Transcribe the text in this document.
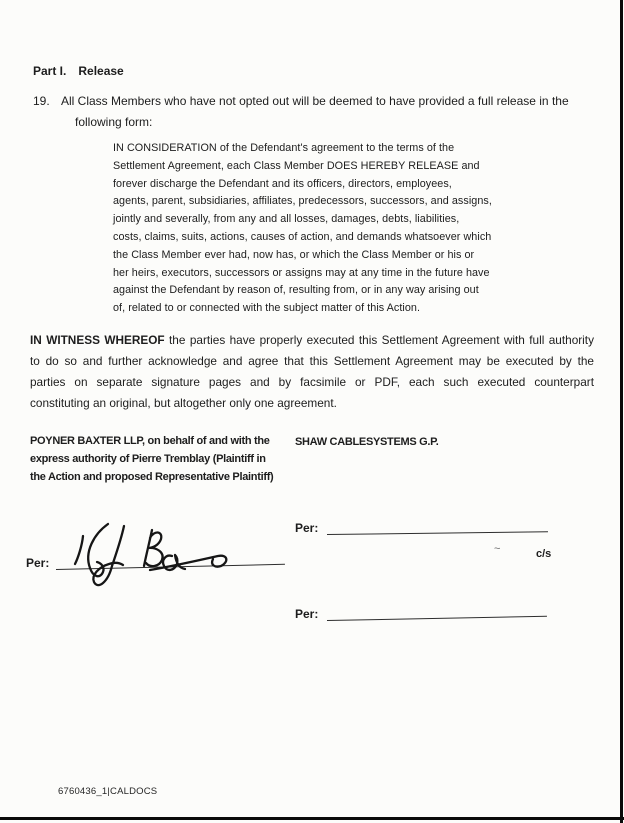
Part I. Release
19. All Class Members who have not opted out will be deemed to have provided a full release in the
following form:
IN CONSIDERATION of the Defendant's agreement to the terms of the
Settlement Agreement, each Class Member DOES HEREBY RELEASE and
forever discharge the Defendant and its officers, directors, employees,
agents, parent, subsidiaries, affiliates, predecessors, successors, and assigns,
jointly and severally, from any and all losses, damages, debts, liabilities,
costs, claims, suits, actions, causes of action, and demands whatsoever which
the Class Member ever had, now has, or which the Class Member or his or
her heirs, executors, successors or assigns may at any time in the future have
against the Defendant by reason of, resulting from, or in any way arising out
of, related to or connected with the subject matter of this Action.
IN WITNESS WHEREOF the parties have properly executed this Settlement Agreement with full authority
to do so and further acknowledge and agree that this Settlement Agreement may be executed by the
parties on separate signature pages and by facsimile or PDF, each such executed counterpart
constituting an original, but altogether only one agreement.
POYNER BAXTER LLP, on behalf of and with the
express authority of Pierre Tremblay (Plaintiff in
the Action and proposed Representative Plaintiff)
SHAW CABLESYSTEMS G.P.
Per:
~	c/s
Per:
Per:
6760436_1|CALDOCS
